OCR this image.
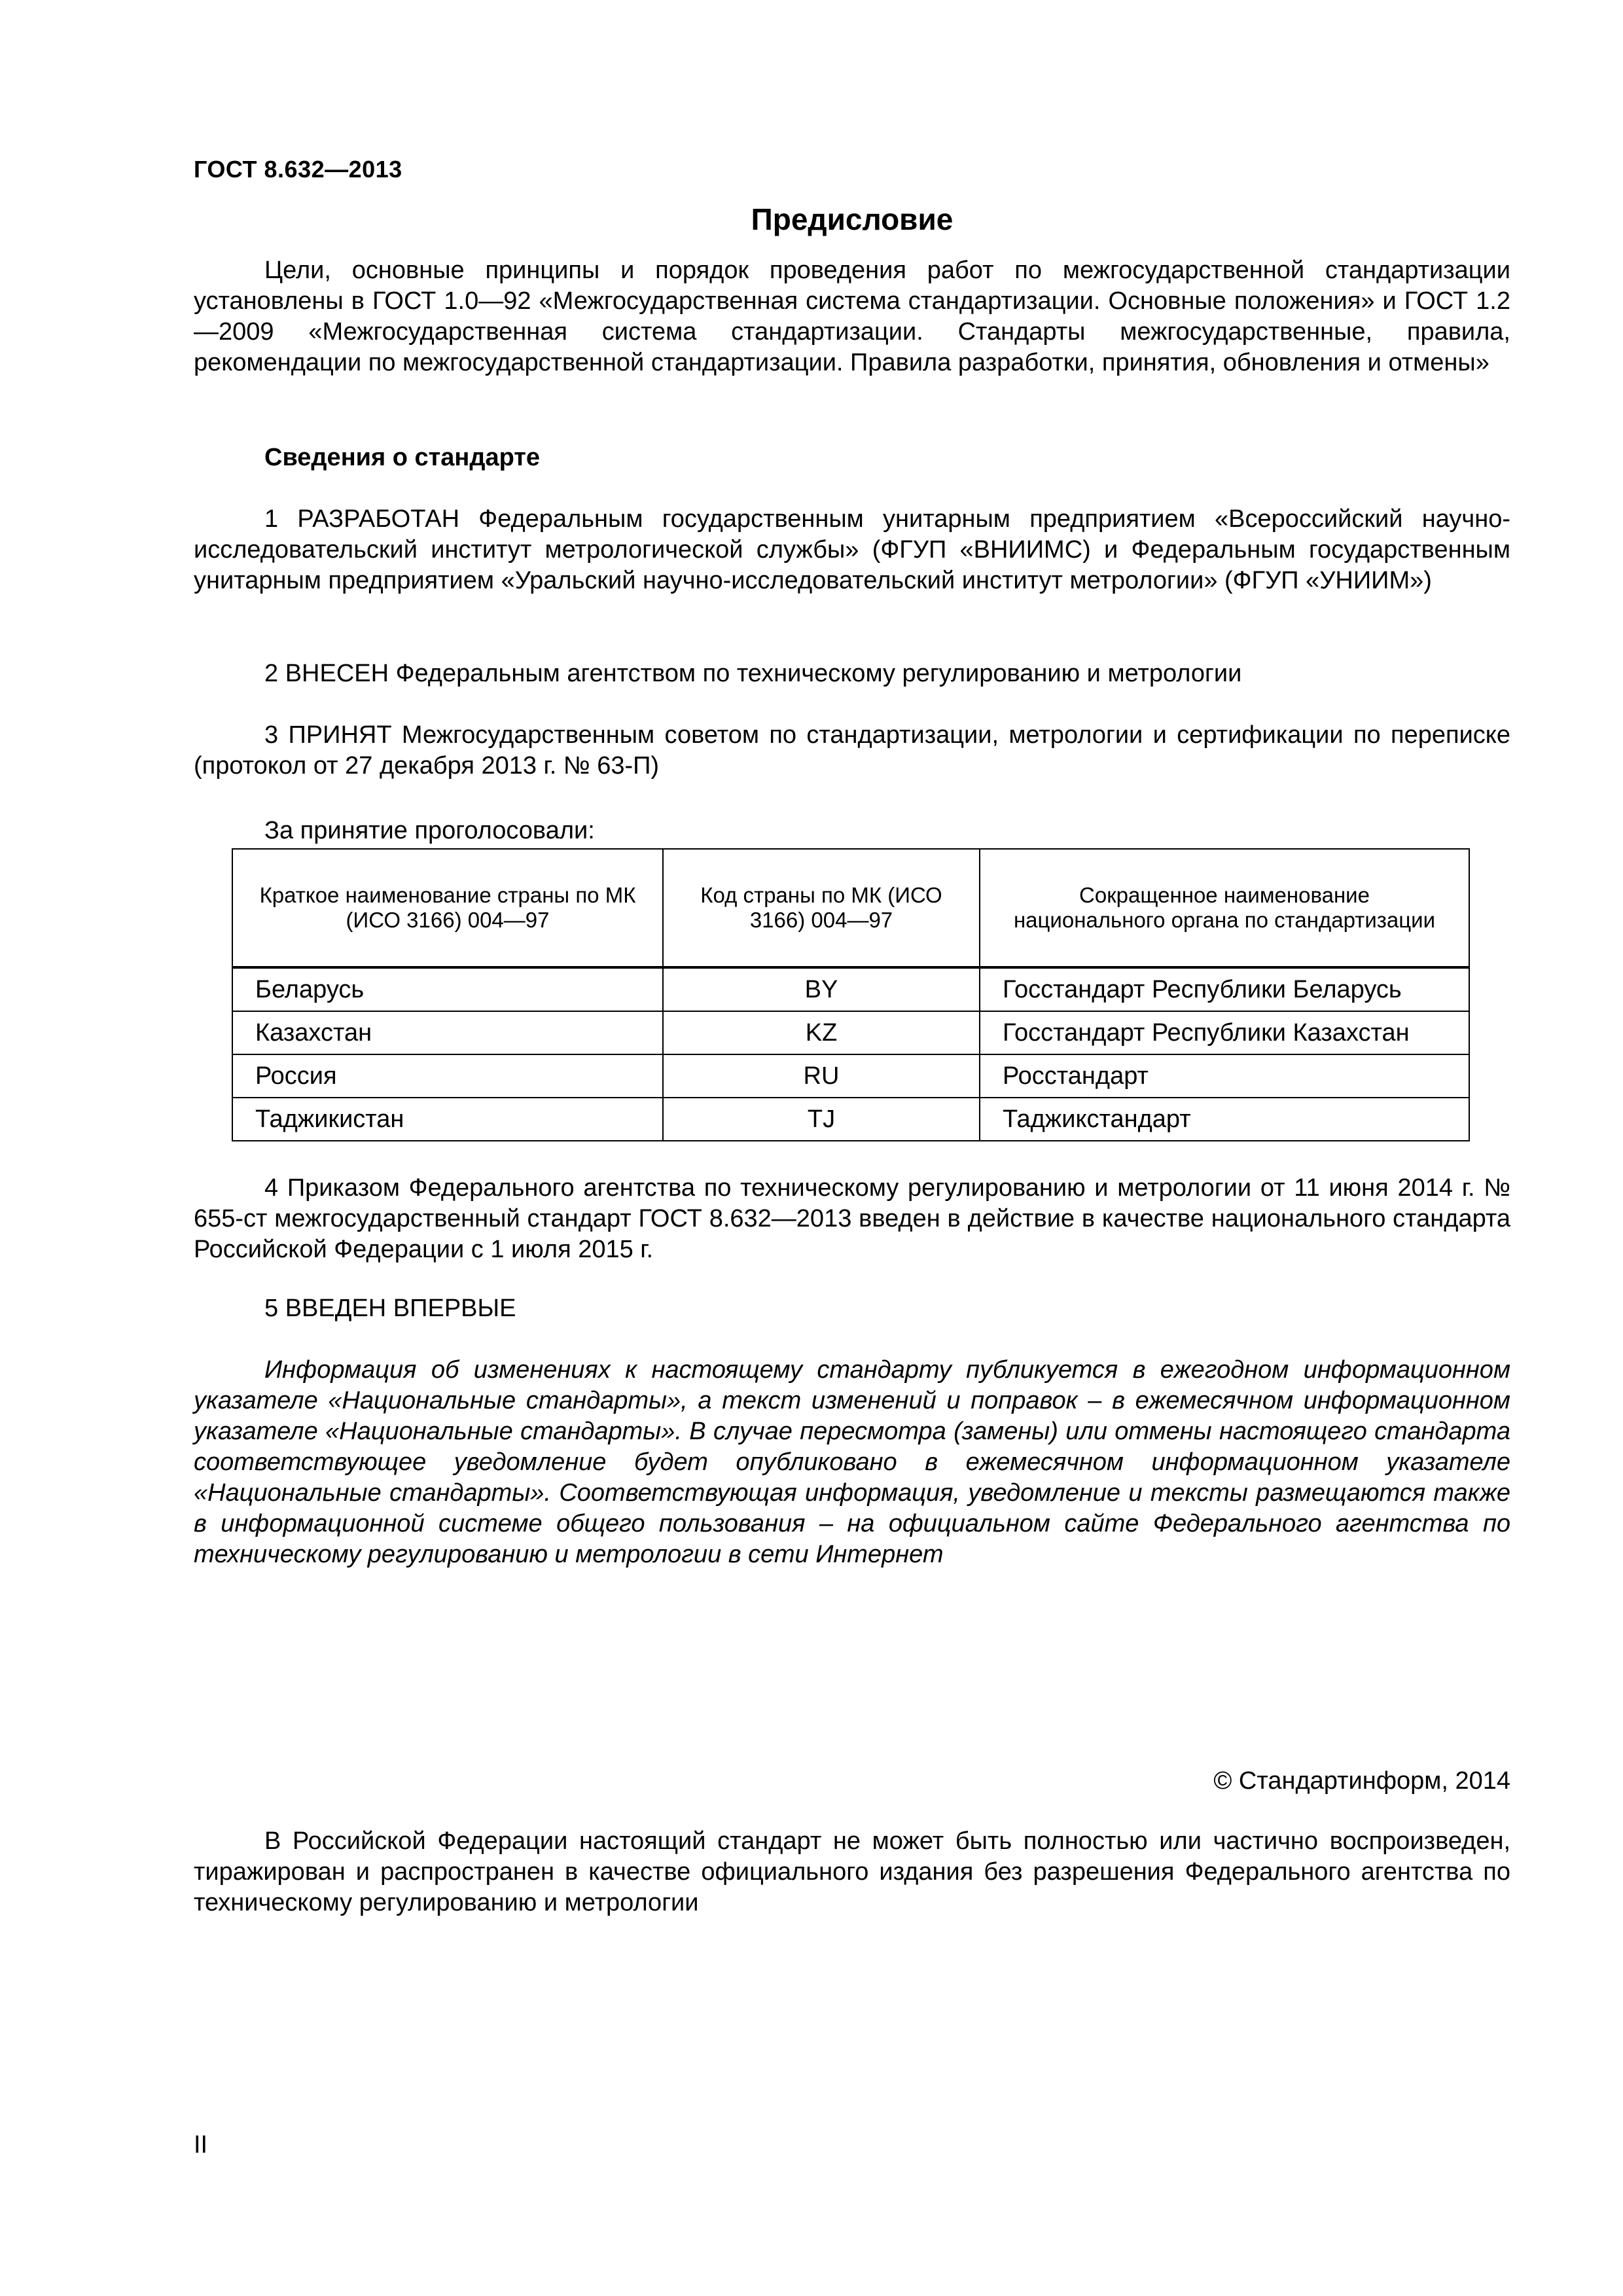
ГОСТ 8.632—2013
Предисловие

Цели, основные принципы и порядок проведения работ по межгосударственной стандартизации установлены в ГОСТ 1.0—92 «Межгосударственная система стандартизации. Основные положения» и ГОСТ 1.2—2009 «Межгосударственная система стандартизации. Стандарты межгосударственные, правила, рекомендации по межгосударственной стандартизации. Правила разработки, принятия, обновления и отмены»

Сведения о стандарте

1 РАЗРАБОТАН Федеральным государственным унитарным предприятием «Всероссийский научно-исследовательский институт метрологической службы» (ФГУП «ВНИИМС) и Федеральным государственным унитарным предприятием «Уральский научно-исследовательский институт метрологии» (ФГУП «УНИИМ»)

2 ВНЕСЕН Федеральным агентством по техническому регулированию и метрологии

3 ПРИНЯТ Межгосударственным советом по стандартизации, метрологии и сертификации по переписке (протокол от 27 декабря 2013 г. № 63-П)

За принятие проголосовали:
Краткое наименование страны по МК (ИСО 3166) 004—97	Код страны по МК (ИСО 3166) 004—97	Сокращенное наименование национального органа по стандартизации
Беларусь	BY	Госстандарт Республики Беларусь
Казахстан	KZ	Госстандарт Республики Казахстан
Россия	RU	Росстандарт
Таджикистан	TJ	Таджикстандарт

4 Приказом Федерального агентства по техническому регулированию и метрологии от 11 июня 2014 г. № 655-ст межгосударственный стандарт ГОСТ 8.632—2013 введен в действие в качестве национального стандарта Российской Федерации с 1 июля 2015 г.

5 ВВЕДЕН ВПЕРВЫЕ

Информация об изменениях к настоящему стандарту публикуется в ежегодном информационном указателе «Национальные стандарты», а текст изменений и поправок – в ежемесячном информационном указателе «Национальные стандарты». В случае пересмотра (замены) или отмены настоящего стандарта соответствующее уведомление будет опубликовано в ежемесячном информационном указателе «Национальные стандарты». Соответствующая информация, уведомление и тексты размещаются также в информационной системе общего пользования – на официальном сайте Федерального агентства по техническому регулированию и метрологии в сети Интернет

© Стандартинформ, 2014

В Российской Федерации настоящий стандарт не может быть полностью или частично воспроизведен, тиражирован и распространен в качестве официального издания без разрешения Федерального агентства по техническому регулированию и метрологии

II
